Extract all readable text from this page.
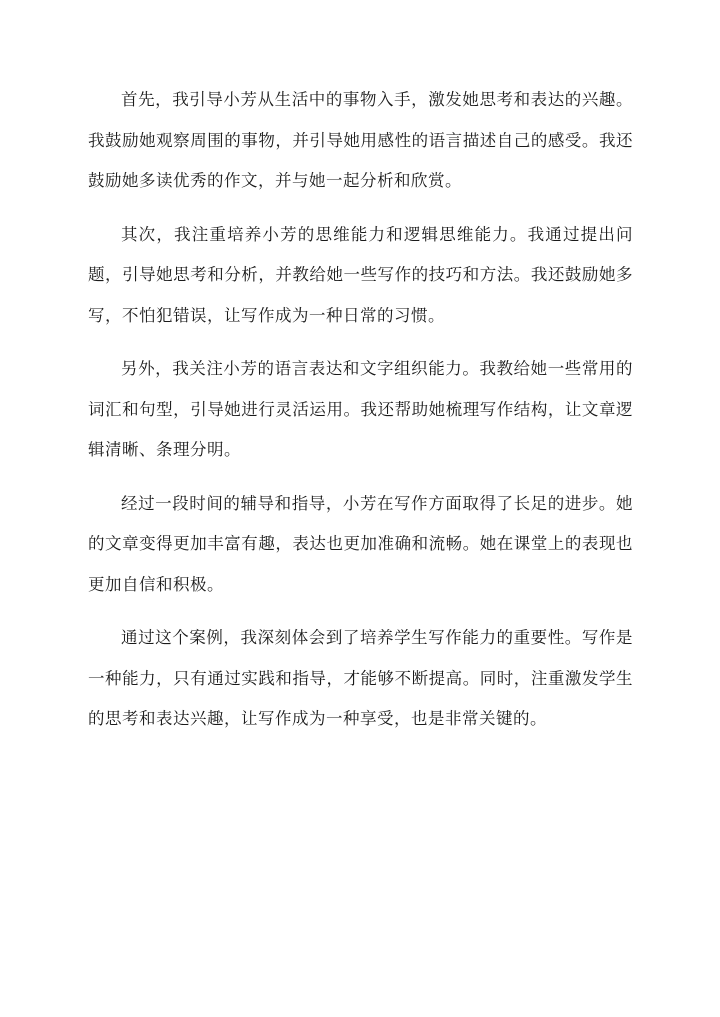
首先，我引导小芳从生活中的事物入手，激发她思考和表达的兴趣。我鼓励她观察周围的事物，并引导她用感性的语言描述自己的感受。我还鼓励她多读优秀的作文，并与她一起分析和欣赏。

其次，我注重培养小芳的思维能力和逻辑思维能力。我通过提出问题，引导她思考和分析，并教给她一些写作的技巧和方法。我还鼓励她多写，不怕犯错误，让写作成为一种日常的习惯。

另外，我关注小芳的语言表达和文字组织能力。我教给她一些常用的词汇和句型，引导她进行灵活运用。我还帮助她梳理写作结构，让文章逻辑清晰、条理分明。

经过一段时间的辅导和指导，小芳在写作方面取得了长足的进步。她的文章变得更加丰富有趣，表达也更加准确和流畅。她在课堂上的表现也更加自信和积极。

通过这个案例，我深刻体会到了培养学生写作能力的重要性。写作是一种能力，只有通过实践和指导，才能够不断提高。同时，注重激发学生的思考和表达兴趣，让写作成为一种享受，也是非常关键的。
